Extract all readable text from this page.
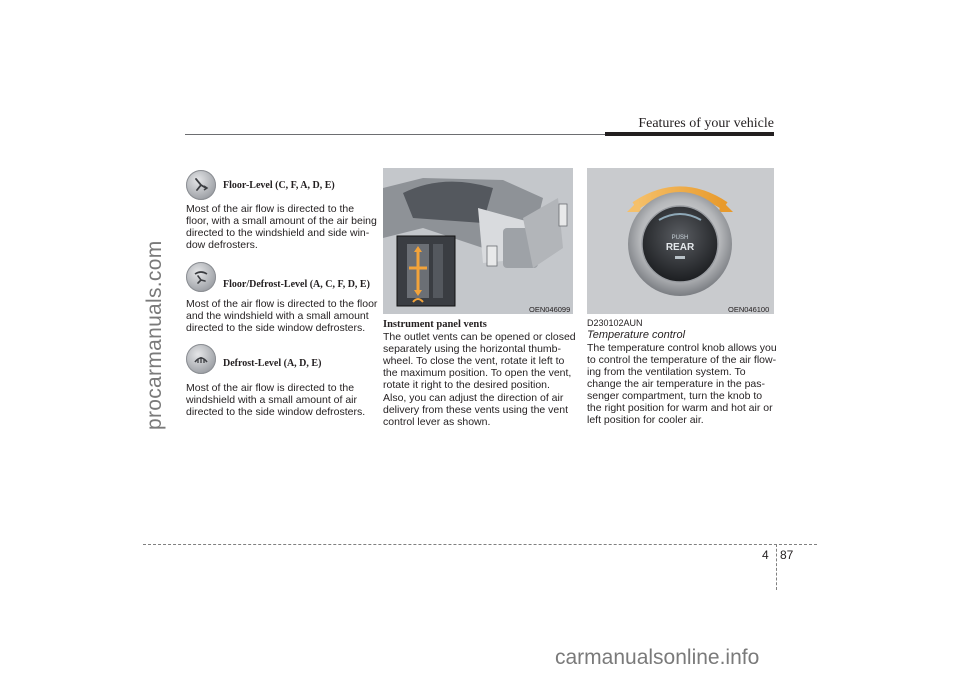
Features of your vehicle
procarmanuals.com
carmanualsonline.info
Floor-Level (C, F, A, D, E)
Most of the air flow is directed to the
floor, with a small amount of the air being
directed to the windshield and side win-
dow defrosters.
Floor/Defrost-Level (A, C, F, D, E)
Most of the air flow is directed to the floor
and the windshield with a small amount
directed to the side window defrosters.
Defrost-Level (A, D, E)
Most of the air flow is directed to the
windshield with a small amount of air
directed to the side window defrosters.
OEN046099
Instrument panel vents
The outlet vents can be opened or closed
separately using the horizontal thumb-
wheel. To close the vent, rotate it left to
the maximum position. To open the vent,
rotate it right to the desired position.
Also, you can adjust the direction of air
delivery from these vents using the vent
control lever as shown.
PUSH
REAR
OEN046100
D230102AUN
Temperature control
The temperature control knob allows you
to control the temperature of the air flow-
ing from the ventilation system. To
change the air temperature in the pas-
senger compartment, turn the knob to
the right position for warm and hot air or
left position for cooler air.
4 87
